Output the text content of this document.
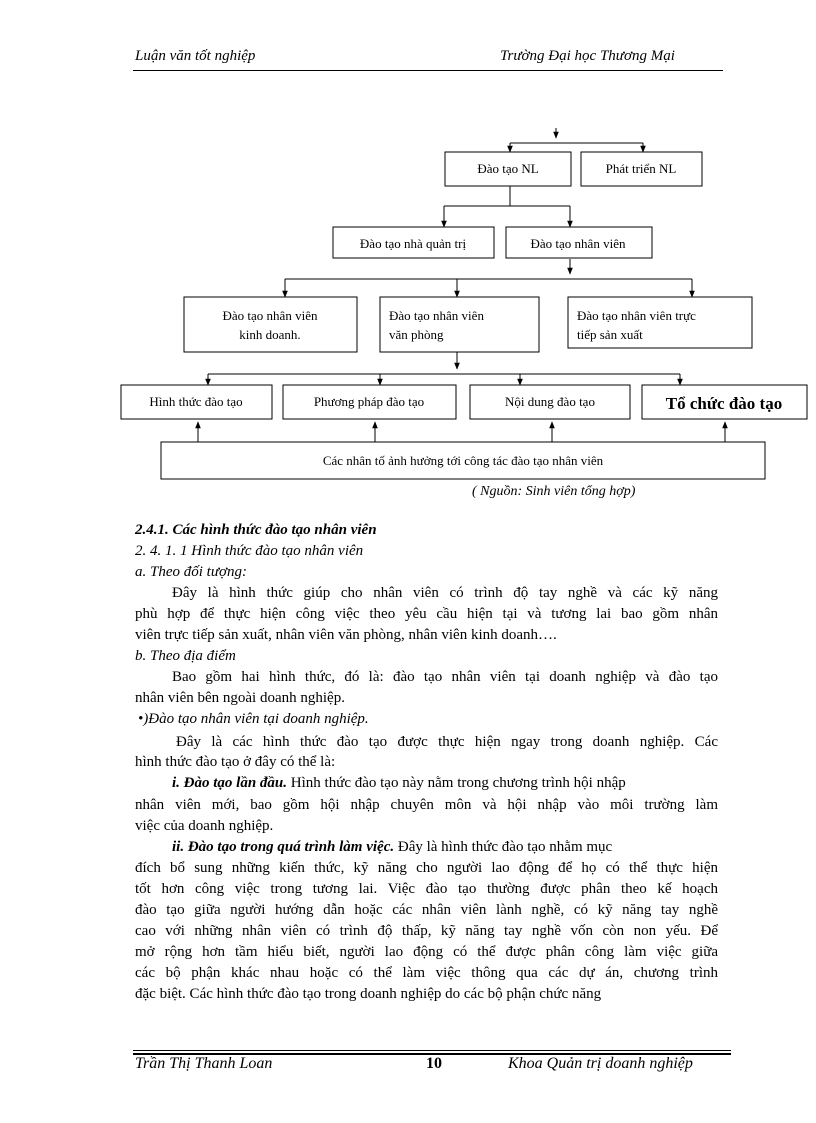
Luận văn tốt nghiệp	Trường Đại học Thương Mại
Đào tạo NL	Phát triển NL
Đào tạo nhà quản trị	Đào tạo nhân viên
Đào tạo nhân viên
kinh doanh.
Đào tạo nhân viên
văn phòng
Đào tạo nhân viên trực
tiếp sản xuất
Hình thức đào tạo	Phương pháp đào tạo	Nội dung đào tạo	Tổ chức đào tạo
Các nhân tố ảnh hưởng tới công tác đào tạo nhân viên
( Nguồn: Sinh viên tổng hợp)
2.4.1. Các hình thức đào tạo nhân viên
2. 4. 1. 1 Hình thức đào tạo nhân viên
a. Theo đối tượng:
Đây là hình thức giúp cho nhân viên có trình độ tay nghề và các kỹ năng
phù hợp để thực hiện công việc theo yêu cầu hiện tại và tương lai bao gồm nhân
viên trực tiếp sản xuất, nhân viên văn phòng, nhân viên kinh doanh….
b. Theo địa điểm
Bao gồm hai hình thức, đó là: đào tạo nhân viên tại doanh nghiệp và đào tạo
nhân viên bên ngoài doanh nghiệp.
•)Đào tạo nhân viên tại doanh nghiệp.
Đây là các hình thức đào tạo được thực hiện ngay trong doanh nghiệp. Các
hình thức đào tạo ở đây có thể là:
i. Đào tạo lần đầu. Hình thức đào tạo này nằm trong chương trình hội nhập
nhân viên mới, bao gồm hội nhập chuyên môn và hội nhập vào môi trường làm
việc của doanh nghiệp.
ii. Đào tạo trong quá trình làm việc. Đây là hình thức đào tạo nhằm mục
đích bổ sung những kiến thức, kỹ năng cho người lao động để họ có thể thực hiện
tốt hơn công việc trong tương lai. Việc đào tạo thường được phân theo kế hoạch
đào tạo giữa người hướng dẫn hoặc các nhân viên lành nghề, có kỹ năng tay nghề
cao với những nhân viên có trình độ thấp, kỹ năng tay nghề vốn còn non yếu. Để
mở rộng hơn tầm hiểu biết, người lao động có thể được phân công làm việc giữa
các bộ phận khác nhau hoặc có thể làm việc thông qua các dự án, chương trình
đặc biệt. Các hình thức đào tạo trong doanh nghiệp do các bộ phận chức năng
Trần Thị Thanh Loan	10	Khoa Quản trị doanh nghiệp
